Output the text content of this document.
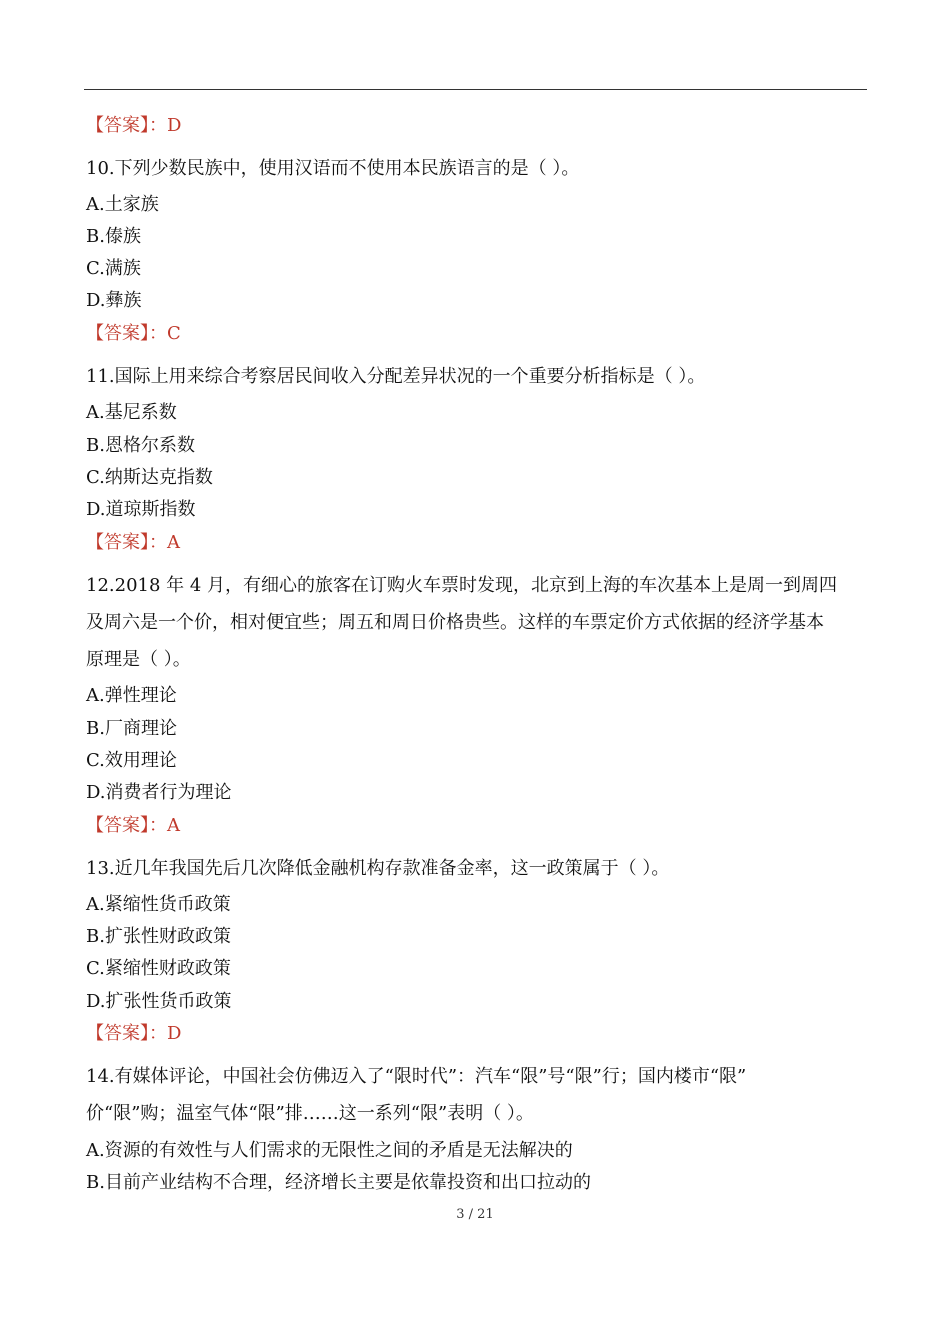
【答案】：D
10.下列少数民族中，使用汉语而不使用本民族语言的是（ ）。
A.土家族
B.傣族
C.满族
D.彝族
【答案】：C
11.国际上用来综合考察居民间收入分配差异状况的一个重要分析指标是（ ）。
A.基尼系数
B.恩格尔系数
C.纳斯达克指数
D.道琼斯指数
【答案】：A
12.2018 年 4 月，有细心的旅客在订购火车票时发现，北京到上海的车次基本上是周一到周四
及周六是一个价，相对便宜些；周五和周日价格贵些。这样的车票定价方式依据的经济学基本
原理是（ ）。
A.弹性理论
B.厂商理论
C.效用理论
D.消费者行为理论
【答案】：A
13.近几年我国先后几次降低金融机构存款准备金率，这一政策属于（ ）。
A.紧缩性货币政策
B.扩张性财政政策
C.紧缩性财政政策
D.扩张性货币政策
【答案】：D
14.有媒体评论，中国社会仿佛迈入了“限时代”：汽车“限”号“限”行；国内楼市“限”
价“限”购；温室气体“限”排……这一系列“限”表明（ ）。
A.资源的有效性与人们需求的无限性之间的矛盾是无法解决的
B.目前产业结构不合理，经济增长主要是依靠投资和出口拉动的
3 / 21
